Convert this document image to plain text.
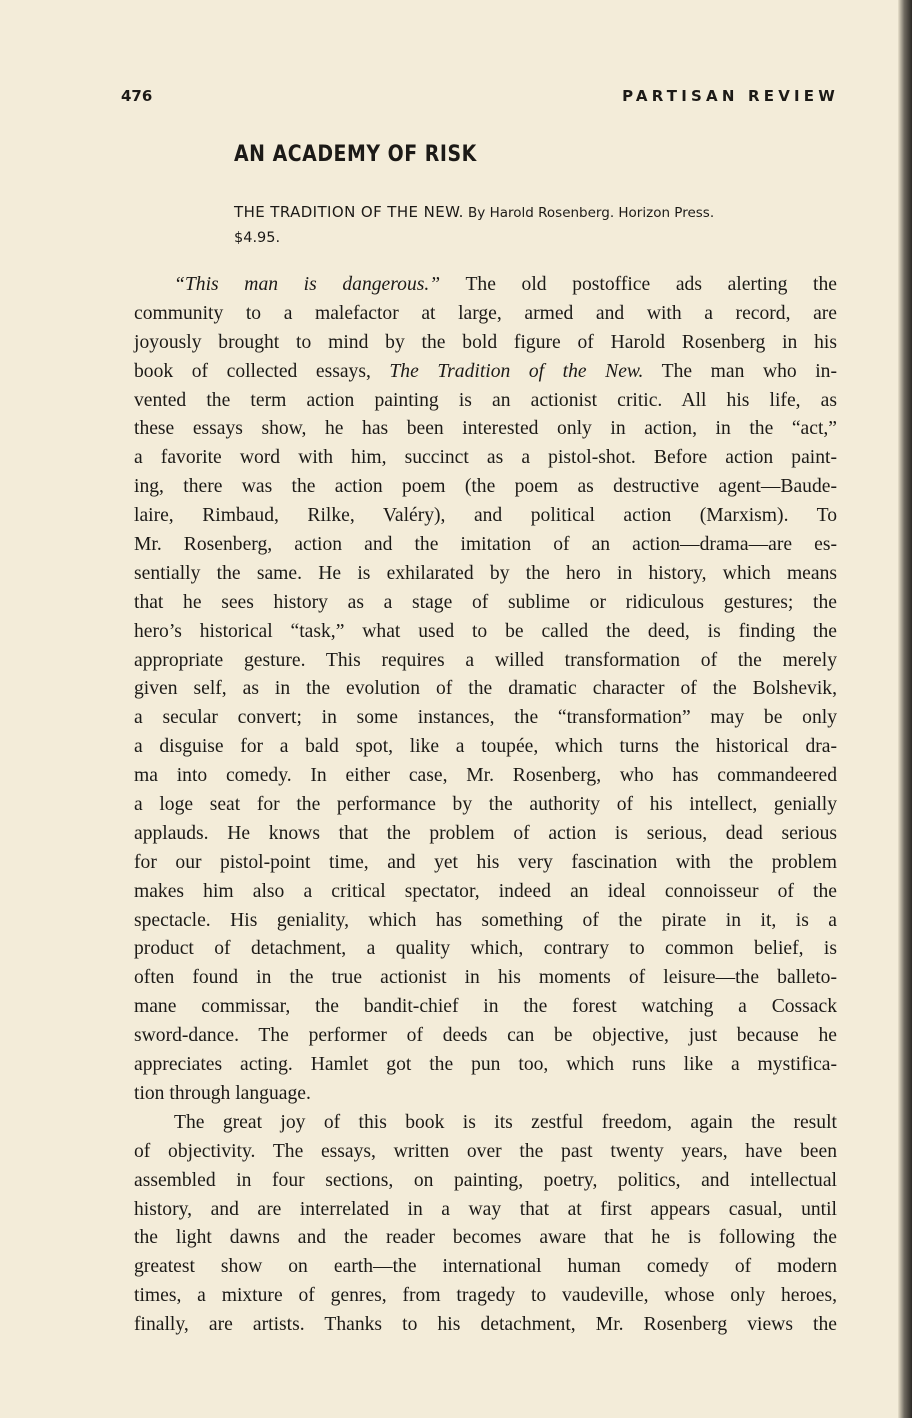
476	PARTISAN REVIEW
AN ACADEMY OF RISK

THE TRADITION OF THE NEW. By Harold Rosenberg. Horizon Press.
$4.95.

“This man is dangerous.” The old postoffice ads alerting the
community to a malefactor at large, armed and with a record, are
joyously brought to mind by the bold figure of Harold Rosenberg in his
book of collected essays, The Tradition of the New. The man who in-
vented the term action painting is an actionist critic. All his life, as
these essays show, he has been interested only in action, in the “act,”
a favorite word with him, succinct as a pistol-shot. Before action paint-
ing, there was the action poem (the poem as destructive agent—Baude-
laire, Rimbaud, Rilke, Valéry), and political action (Marxism). To
Mr. Rosenberg, action and the imitation of an action—drama—are es-
sentially the same. He is exhilarated by the hero in history, which means
that he sees history as a stage of sublime or ridiculous gestures; the
hero’s historical “task,” what used to be called the deed, is finding the
appropriate gesture. This requires a willed transformation of the merely
given self, as in the evolution of the dramatic character of the Bolshevik,
a secular convert; in some instances, the “transformation” may be only
a disguise for a bald spot, like a toupée, which turns the historical dra-
ma into comedy. In either case, Mr. Rosenberg, who has commandeered
a loge seat for the performance by the authority of his intellect, genially
applauds. He knows that the problem of action is serious, dead serious
for our pistol-point time, and yet his very fascination with the problem
makes him also a critical spectator, indeed an ideal connoisseur of the
spectacle. His geniality, which has something of the pirate in it, is a
product of detachment, a quality which, contrary to common belief, is
often found in the true actionist in his moments of leisure—the balleto-
mane commissar, the bandit-chief in the forest watching a Cossack
sword-dance. The performer of deeds can be objective, just because he
appreciates acting. Hamlet got the pun too, which runs like a mystifica-
tion through language.

The great joy of this book is its zestful freedom, again the result
of objectivity. The essays, written over the past twenty years, have been
assembled in four sections, on painting, poetry, politics, and intellectual
history, and are interrelated in a way that at first appears casual, until
the light dawns and the reader becomes aware that he is following the
greatest show on earth—the international human comedy of modern
times, a mixture of genres, from tragedy to vaudeville, whose only heroes,
finally, are artists. Thanks to his detachment, Mr. Rosenberg views the
